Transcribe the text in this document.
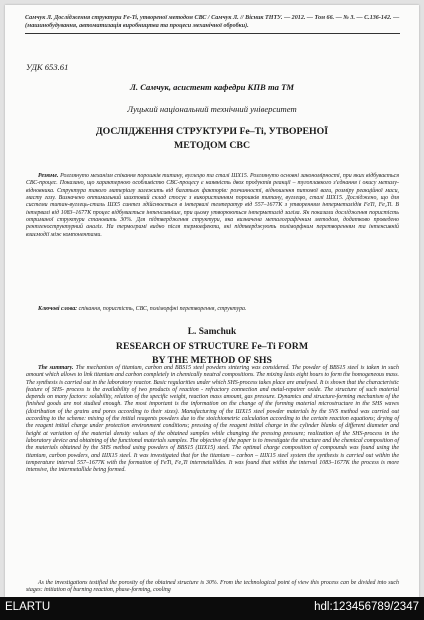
Самчук Л. Дослідження структури Fe-Ti, утвореної методом СВС / Самчук Л. // Вісник ТНТУ. — 2012. — Том 66. — № 3. — С.136-142. — (машинобудування, автоматизація виробництва та процеси механічної обробки).
УДК 653.61
Л. Самчук, асистент кафедри КПВ та ТМ
Луцький національний технічний університет
ДОСЛІДЖЕННЯ СТРУКТУРИ Fe–Ti, УТВОРЕНОЇ
МЕТОДОМ СВС
Резюме. Розглянуто механізм спікання порошків титану, вуглецю та сталі ШХ15. Розглянуто основні закономірності, при яких відбувається СВС-процес. Показано, що характерною особливістю СВС-процесу є наявність двох продуктів реакції – тугоплавкого з'єднання і окису металу-відновника. Структура такого матеріалу залежить від багатьох факторів: розчинності, відношення питомої ваги, розміру реакційної маси, масту газу. Визначено оптимальний шихтовий склад стосує з використанням порошків титану, вуглецю, сталі ШХ15. Досліджено, що для системи титан-вуглець-сталь ШХ5 синтез здійснюється в інтервалі температур від 557–1677К з утворенням інтерметалідів FeTi, Fe₂Ti. В інтервалі від 1083–1677К процес відбувається інтенсивніше, при цьому утворюються інтерметалід заліза. Як показали дослідження пористість отриманої структури становить 30%. Для підтвердження структури, яка визначена металографічним методом, додатково проведено рентгеноструктурний аналіз. На термограмі видно після термоефекти, які підтверджують поліморфним перетворенням та інтенсивній взаємодії між компонентами.
Ключові слова: спікання, пористість, СВС, поліморфні перетворення, структура.
L. Samchuk
RESEARCH OF STRUCTURE Fe–Ti FORM
BY THE METHOD OF SHS
The summary. The mechanism of titanium, carbon and BBS15 steel powders sintering was considered. The powder of BBS15 steel is taken in such amount which allows to link titanium and carbon completely in chemically neutral compositions. The mixing lasts eight hours to form the homogeneous mass. The synthesis is carried out in the laboratory reactor. Basic regularities under which SHS-process takes place are analysed. It is shown that the characteristic feature of SHS- process is the availability of two products of reaction - refractory connection and metal-repairer oxide. The structure of such material depends on many factors: solubility, relation of the specific weight, reaction mass amount, gas pressure. Dynamics and structure-forming mechanism of the finished goods are not studied enough. The most important is the information on the change of the forming material microstructure in the SHS waves (distribution of the grains and pores according to their sizes). Manufacturing of the ШХ15 steel powder materials by the SVS method was carried out according to the scheme: mixing of the initial reagents powders due to the stoichiometric calculation according to the certain reaction equations; drying of the reagent initial charge under protection environment conditions; pressing of the reagent initial charge in the cylinder blanks of different diameter and height at variation of the material density values of the obtained samples while changing the pressing pressure; realization of the SHS-process in the laboratory device and obtaining of the functional materials samples. The objective of the paper is to investigate the structure and the chemical composition of the materials obtained by the SHS method using powders of BBS15 (ШХ15) steel. The optimal charge composition of compounds was found using the titanium, carbon powders, and ШХ15 steel. It was investigated that for the titanium – carbon – ШХ15 steel system the synthesis is carried out within the temperature interval 557–1677K with the formation of FeTi, Fe₂Ti intermetallides. It was found that within the interval 1083–1677K the process is more intensive, the intermetallide being formed.
As the investigations testified the porosity of the obtained structure is 30%. From the technological point of view this process can be divided into such stages: initiation of burning reaction, phase-forming, cooling
ELARTU	hdl:123456789/2347
